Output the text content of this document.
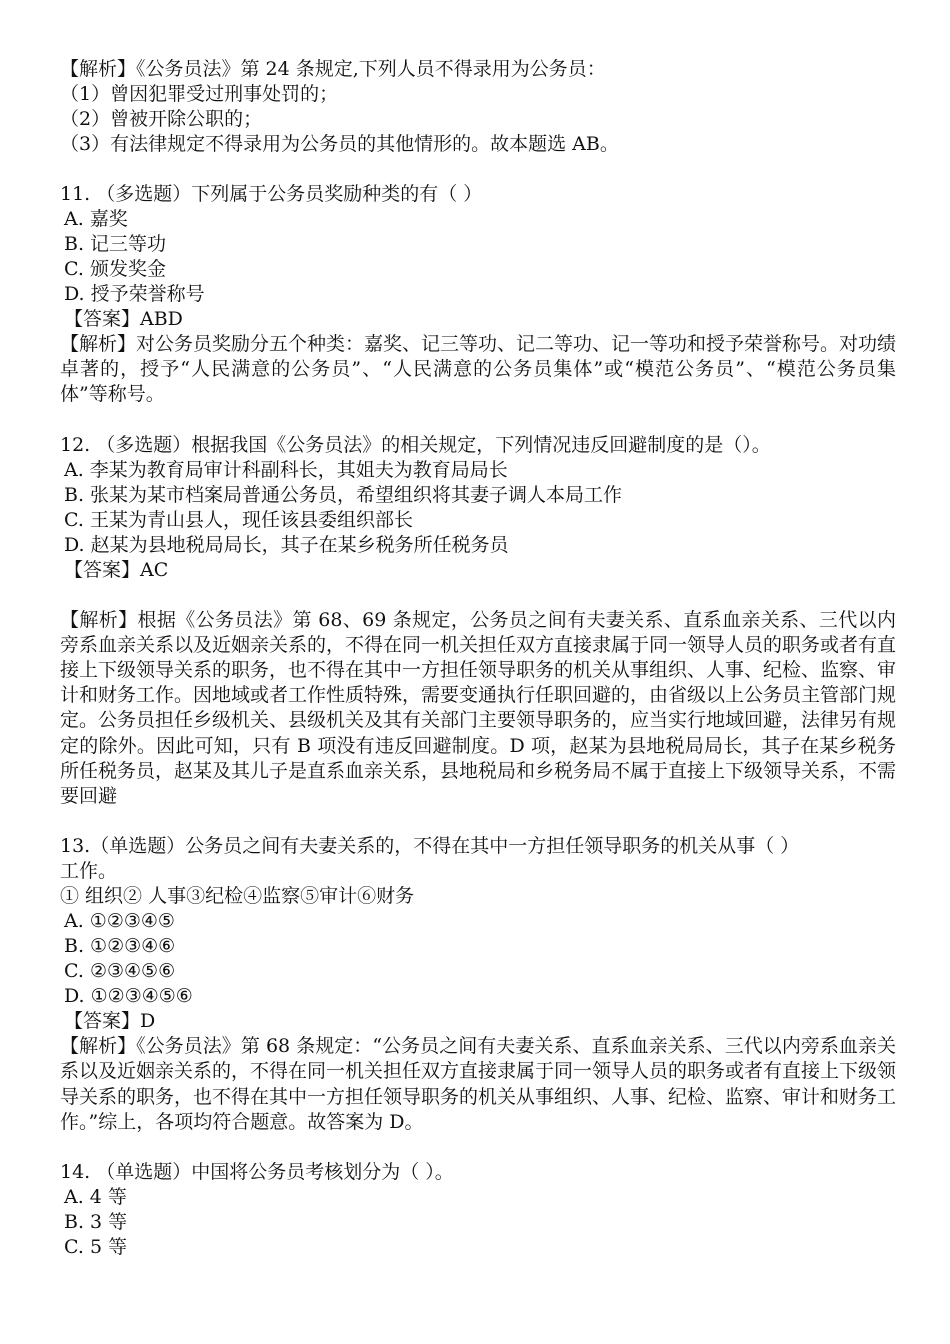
【解析】《公务员法》第 24 条规定,下列人员不得录用为公务员：
（1）曾因犯罪受过刑事处罚的；
（2）曾被开除公职的；
（3）有法律规定不得录用为公务员的其他情形的。故本题选 AB。
11. （多选题）下列属于公务员奖励种类的有（ ）
A. 嘉奖
B. 记三等功
C. 颁发奖金
D. 授予荣誉称号
【答案】ABD
【解析】对公务员奖励分五个种类：嘉奖、记三等功、记二等功、记一等功和授予荣誉称号。对功绩卓著的，授予“人民满意的公务员”、“人民满意的公务员集体”或“模范公务员”、“模范公务员集体”等称号。
12. （多选题）根据我国《公务员法》的相关规定，下列情况违反回避制度的是（）。
A. 李某为教育局审计科副科长，其姐夫为教育局局长
B. 张某为某市档案局普通公务员，希望组织将其妻子调人本局工作
C. 王某为青山县人，现任该县委组织部长
D. 赵某为县地税局局长，其子在某乡税务所任税务员
【答案】AC
【解析】根据《公务员法》第 68、69 条规定，公务员之间有夫妻关系、直系血亲关系、三代以内旁系血亲关系以及近姻亲关系的，不得在同一机关担任双方直接隶属于同一领导人员的职务或者有直接上下级领导关系的职务，也不得在其中一方担任领导职务的机关从事组织、人事、纪检、监察、审计和财务工作。因地域或者工作性质特殊，需要变通执行任职回避的，由省级以上公务员主管部门规定。公务员担任乡级机关、县级机关及其有关部门主要领导职务的，应当实行地域回避，法律另有规定的除外。因此可知，只有 B 项没有违反回避制度。D 项，赵某为县地税局局长，其子在某乡税务所任税务员，赵某及其儿子是直系血亲关系，县地税局和乡税务局不属于直接上下级领导关系，不需要回避
13.（单选题）公务员之间有夫妻关系的，不得在其中一方担任领导职务的机关从事（ ）
工作。
① 组织② 人事③纪检④监察⑤审计⑥财务
A. ①②③④⑤
B. ①②③④⑥
C. ②③④⑤⑥
D. ①②③④⑤⑥
【答案】D
【解析】《公务员法》第 68 条规定：“公务员之间有夫妻关系、直系血亲关系、三代以内旁系血亲关系以及近姻亲关系的，不得在同一机关担任双方直接隶属于同一领导人员的职务或者有直接上下级领导关系的职务，也不得在其中一方担任领导职务的机关从事组织、人事、纪检、监察、审计和财务工作。”综上，各项均符合题意。故答案为 D。
14. （单选题）中国将公务员考核划分为（ ）。
A. 4 等
B. 3 等
C. 5 等
